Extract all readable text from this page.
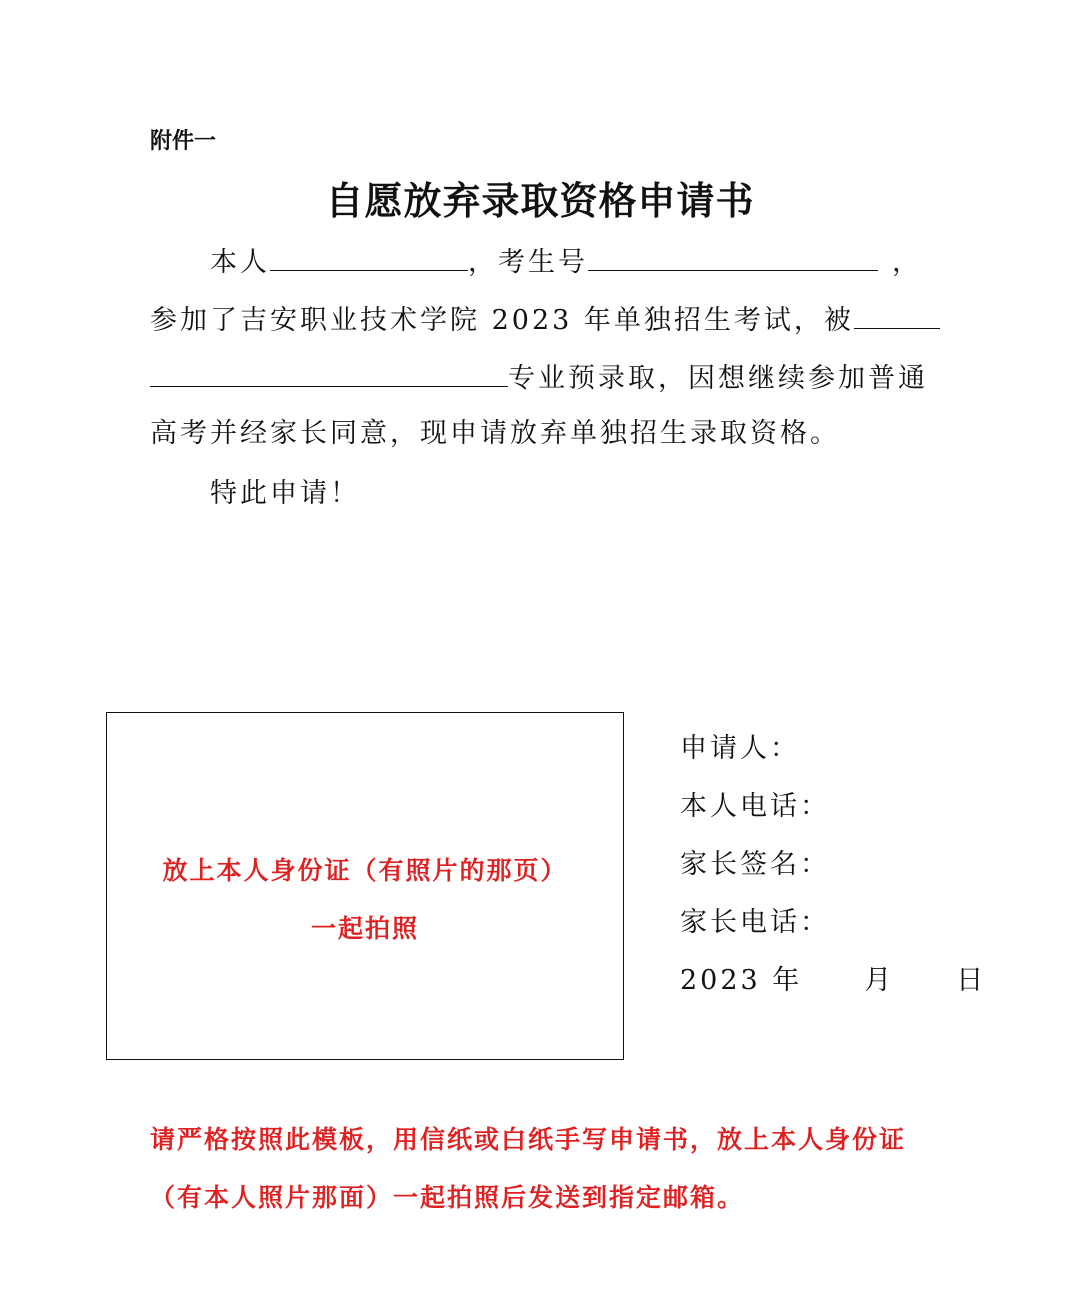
附件一
自愿放弃录取资格申请书
本人	，考生号	，
参加了吉安职业技术学院 2023 年单独招生考试，被
专业预录取，因想继续参加普通
高考并经家长同意，现申请放弃单独招生录取资格。
特此申请！
放上本人身份证（有照片的那页）
一起拍照
申请人：
本人电话：
家长签名：
家长电话：
2023 年 月 日
请严格按照此模板，用信纸或白纸手写申请书，放上本人身份证
（有本人照片那面）一起拍照后发送到指定邮箱。
